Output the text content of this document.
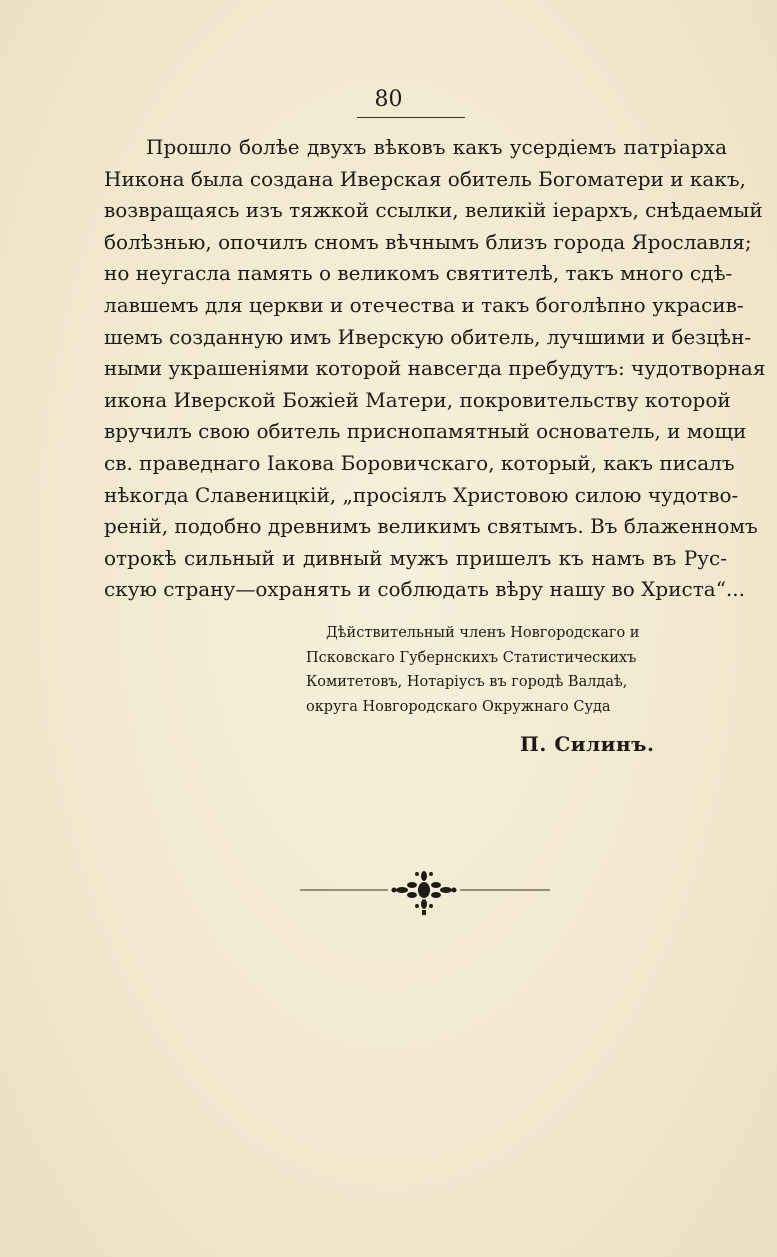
80
Прошло болѣе двухъ вѣковъ какъ усердіемъ патріарха
Никона была создана Иверская обитель Богоматери и какъ,
возвращаясь изъ тяжкой ссылки, великій іерархъ, снѣдаемый
болѣзнью, опочилъ сномъ вѣчнымъ близъ города Ярославля;
но неугасла память о великомъ святителѣ, такъ много сдѣ-
лавшемъ для церкви и отечества и такъ боголѣпно украсив-
шемъ созданную имъ Иверскую обитель, лучшими и безцѣн-
ными украшеніями которой навсегда пребудутъ: чудотворная
икона Иверской Божіей Матери, покровительству которой
вручилъ свою обитель приснопамятный основатель, и мощи
св. праведнаго Іакова Боровичскаго, который, какъ писалъ
нѣкогда Славеницкій, „просіялъ Христовою силою чудотво-
реній, подобно древнимъ великимъ святымъ. Въ блаженномъ
отрокѣ сильный и дивный мужъ пришелъ къ намъ въ Рус-
скую страну—охранять и соблюдать вѣру нашу во Христа“...
Дѣйствительный членъ Новгородскаго и
Псковскаго Губернскихъ Статистическихъ
Комитетовъ, Нотаріусъ въ городѣ Валдаѣ,
округа Новгородскаго Окружнаго Суда
П. Силинъ.
